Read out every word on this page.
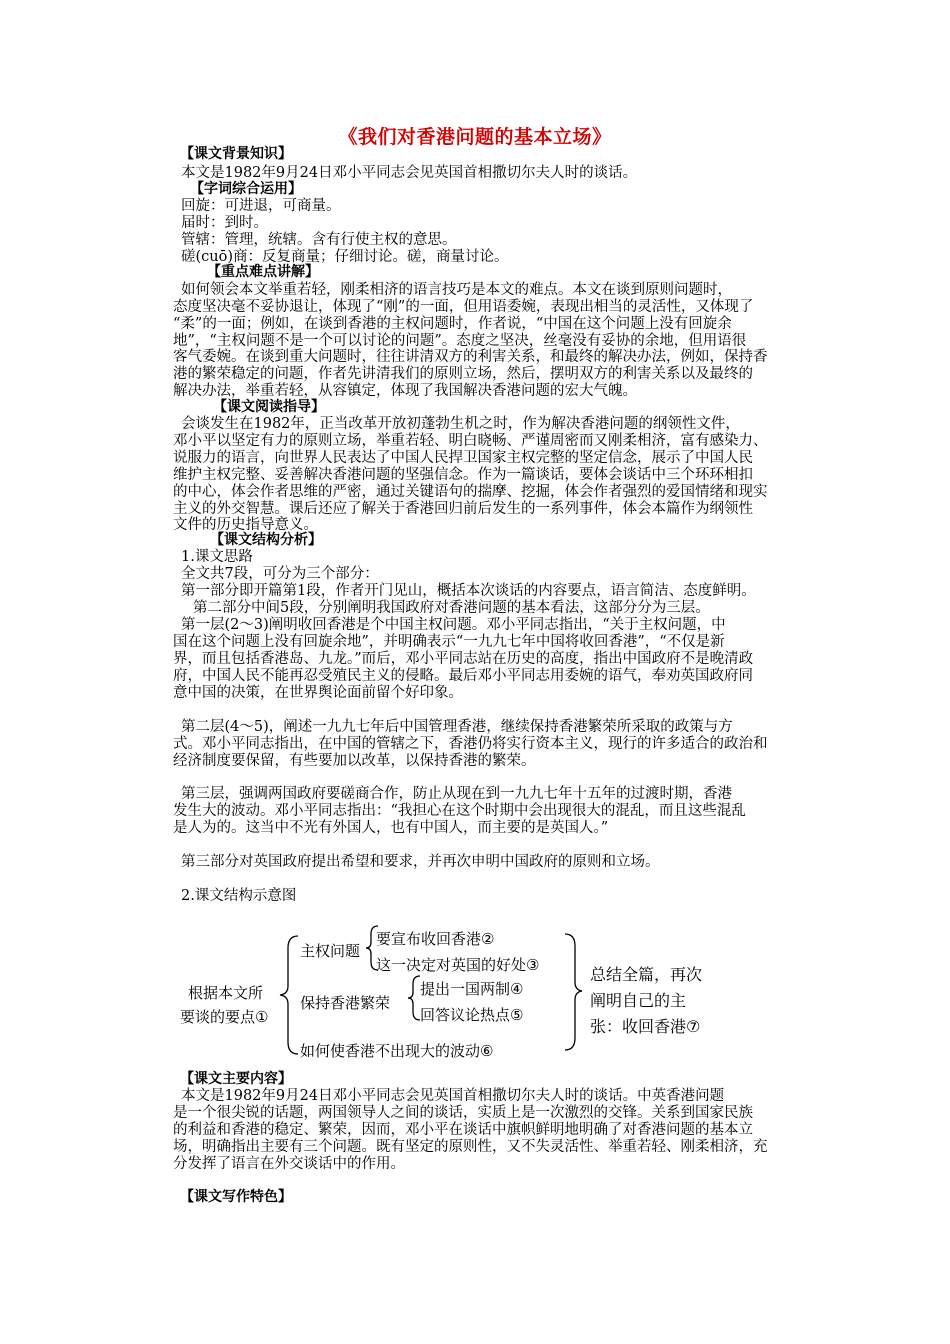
《我们对香港问题的基本立场》
【课文背景知识】
本文是1982年9月24日邓小平同志会见英国首相撒切尔夫人时的谈话。
【字词综合运用】
回旋：可进退，可商量。
届时：到时。
管辖：管理，统辖。含有行使主权的意思。
磋(cuō)商：反复商量；仔细讨论。磋，商量讨论。
【重点难点讲解】
如何领会本文举重若轻，刚柔相济的语言技巧是本文的难点。本文在谈到原则问题时，
态度坚决毫不妥协退让，体现了“刚”的一面，但用语委婉，表现出相当的灵活性，又体现了
“柔”的一面；例如，在谈到香港的主权问题时，作者说，“中国在这个问题上没有回旋余
地”，“主权问题不是一个可以讨论的问题”。态度之坚决，丝毫没有妥协的余地，但用语很
客气委婉。在谈到重大问题时，往往讲清双方的利害关系，和最终的解决办法，例如，保持香
港的繁荣稳定的问题，作者先讲清我们的原则立场，然后，摆明双方的利害关系以及最终的
解决办法，举重若轻，从容镇定，体现了我国解决香港问题的宏大气魄。
【课文阅读指导】
会谈发生在1982年，正当改革开放初蓬勃生机之时，作为解决香港问题的纲领性文件，
邓小平以坚定有力的原则立场，举重若轻、明白晓畅、严谨周密而又刚柔相济，富有感染力、
说服力的语言，向世界人民表达了中国人民捍卫国家主权完整的坚定信念，展示了中国人民
维护主权完整、妥善解决香港问题的坚强信念。作为一篇谈话，要体会谈话中三个环环相扣
的中心，体会作者思维的严密，通过关键语句的揣摩、挖掘，体会作者强烈的爱国情绪和现实
主义的外交智慧。课后还应了解关于香港回归前后发生的一系列事件，体会本篇作为纲领性
文件的历史指导意义。
【课文结构分析】
1.课文思路
全文共7段，可分为三个部分：
第一部分即开篇第1段，作者开门见山，概括本次谈话的内容要点，语言简洁、态度鲜明。
第二部分中间5段，分别阐明我国政府对香港问题的基本看法，这部分分为三层。
第一层(2～3)阐明收回香港是个中国主权问题。邓小平同志指出，“关于主权问题，中
国在这个问题上没有回旋余地”，并明确表示“一九九七年中国将收回香港”，“不仅是新
界，而且包括香港岛、九龙。”而后，邓小平同志站在历史的高度，指出中国政府不是晚清政
府，中国人民不能再忍受殖民主义的侵略。最后邓小平同志用委婉的语气，奉劝英国政府同
意中国的决策，在世界舆论面前留个好印象。
第二层(4～5)，阐述一九九七年后中国管理香港，继续保持香港繁荣所采取的政策与方
式。邓小平同志指出，在中国的管辖之下，香港仍将实行资本主义，现行的许多适合的政治和
经济制度要保留，有些要加以改革，以保持香港的繁荣。
第三层，强调两国政府要磋商合作，防止从现在到一九九七年十五年的过渡时期，香港
发生大的波动。邓小平同志指出：“我担心在这个时期中会出现很大的混乱，而且这些混乱
是人为的。这当中不光有外国人，也有中国人，而主要的是英国人。”
第三部分对英国政府提出希望和要求，并再次申明中国政府的原则和立场。
2.课文结构示意图
根据本文所
要谈的要点①
主权问题
要宣布收回香港②
这一决定对英国的好处③
保持香港繁荣
提出一国两制④
回答议论热点⑤
如何使香港不出现大的波动⑥
总结全篇，再次
阐明自己的主
张：收回香港⑦
【课文主要内容】
本文是1982年9月24日邓小平同志会见英国首相撒切尔夫人时的谈话。中英香港问题
是一个很尖锐的话题，两国领导人之间的谈话，实质上是一次激烈的交锋。关系到国家民族
的利益和香港的稳定、繁荣，因而，邓小平在谈话中旗帜鲜明地明确了对香港问题的基本立
场，明确指出主要有三个问题。既有坚定的原则性，又不失灵活性、举重若轻、刚柔相济，充
分发挥了语言在外交谈话中的作用。
【课文写作特色】
